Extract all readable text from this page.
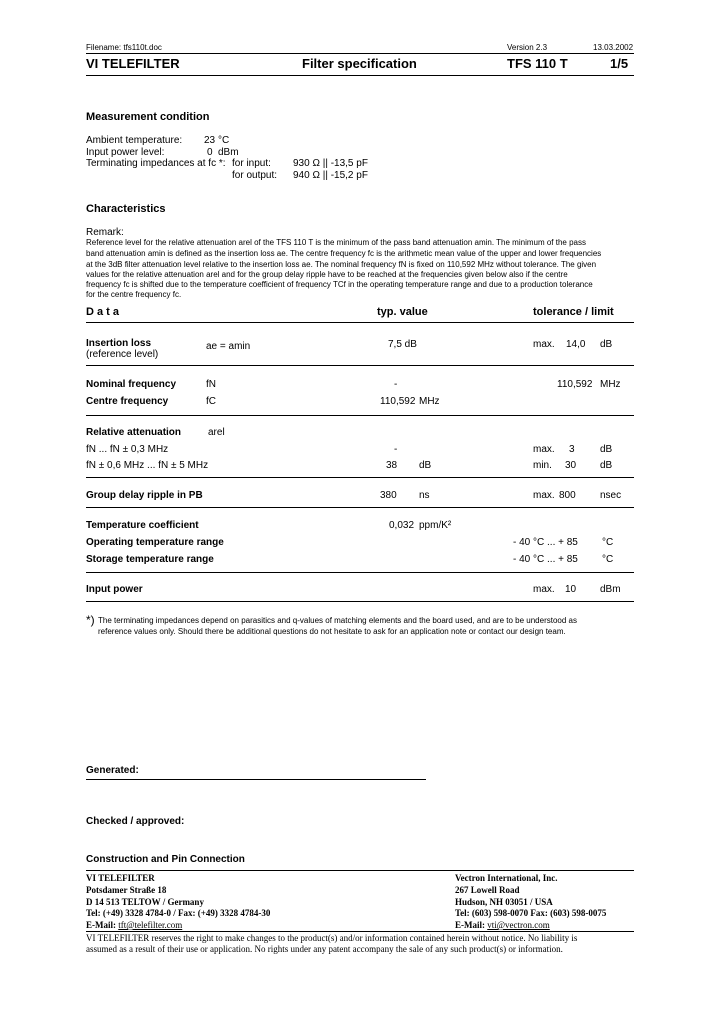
Filename: tfs110t.doc	Version 2.3	13.03.2002
VI TELEFILTER	Filter specification	TFS 110 T	1/5
Measurement condition
Ambient temperature: 23 °C
Input power level:	0 dBm
Terminating impedances at fc *: for input: 930 Ω || -13,5 pF
for output: 940 Ω || -15,2 pF
Characteristics
Remark:
Reference level for the relative attenuation arel of the TFS 110 T is the minimum of the pass band attenuation amin. The minimum of the pass
band attenuation amin is defined as the insertion loss ae. The centre frequency fc is the arithmetic mean value of the upper and lower frequencies
at the 3dB filter attenuation level relative to the insertion loss ae. The nominal frequency fN is fixed on 110,592 MHz without tolerance. The given
values for the relative attenuation arel and for the group delay ripple have to be reached at the frequencies given below also if the centre
frequency fc is shifted due to the temperature coefficient of frequency TCf in the operating temperature range and due to a production tolerance
for the centre frequency fc.
D a t a	typ. value	tolerance / limit
Insertion loss
(reference level)
ae = amin	7,5 dB	max. 14,0 dB
Nominal frequency	fN	-	110,592 MHz
Centre frequency	fC	110,592 MHz
Relative attenuation	arel
fN ... fN ± 0,3 MHz	-	max. 3	dB
fN ± 0,6 MHz ... fN ± 5 MHz	38 dB	min. 30 dB
Group delay ripple in PB	380 ns	max. 800 nsec
Temperature coefficient	0,032 ppm/K²
Operating temperature range	- 40 °C ... + 85 °C
Storage temperature range	- 40 °C ... + 85 °C
Input power	max. 10 dBm
*) The terminating impedances depend on parasitics and q-values of matching elements and the board used, and are to be understood as
reference values only. Should there be additional questions do not hesitate to ask for an application note or contact our design team.
Generated:
Checked / approved:
Construction and Pin Connection
VI TELEFILTER
Potsdamer Straße 18
D 14 513 TELTOW / Germany
Tel: (+49) 3328 4784-0 / Fax: (+49) 3328 4784-30
E-Mail: tft@telefilter.com
Vectron International, Inc.
267 Lowell Road
Hudson, NH 03051 / USA
Tel: (603) 598-0070 Fax: (603) 598-0075
E-Mail: vti@vectron.com
VI TELEFILTER reserves the right to make changes to the product(s) and/or information contained herein without notice. No liability is
assumed as a result of their use or application. No rights under any patent accompany the sale of any such product(s) or information.
